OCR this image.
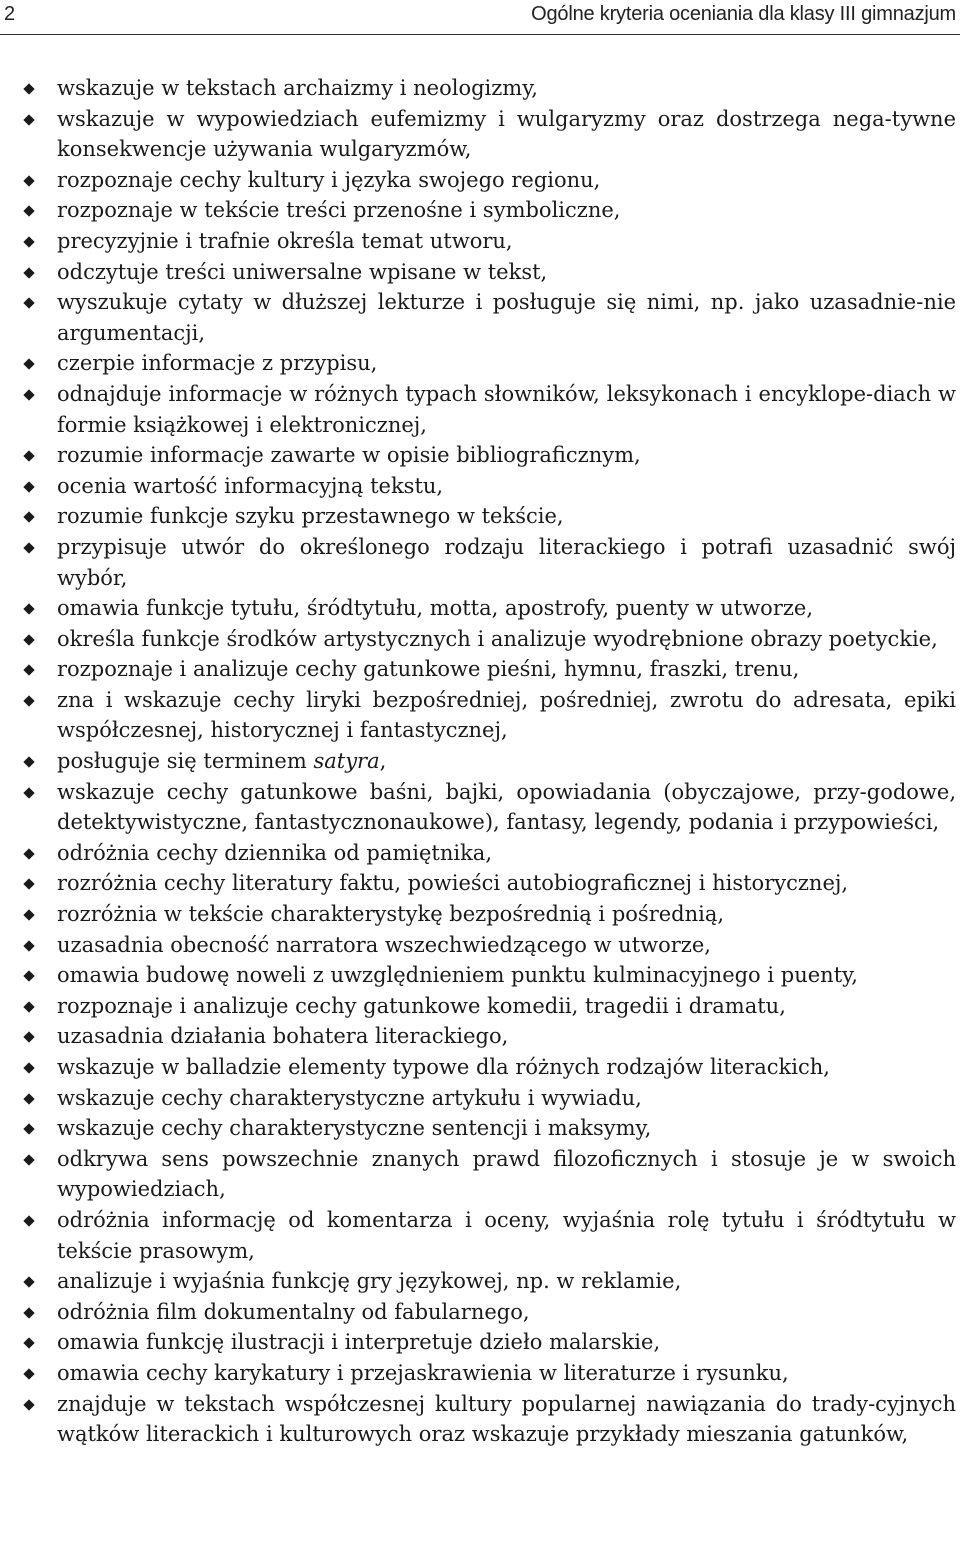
2	Ogólne kryteria oceniania dla klasy III gimnazjum
wskazuje w tekstach archaizmy i neologizmy,
wskazuje w wypowiedziach eufemizmy i wulgaryzmy oraz dostrzega nega-tywne konsekwencje używania wulgaryzmów,
rozpoznaje cechy kultury i języka swojego regionu,
rozpoznaje w tekście treści przenośne i symboliczne,
precyzyjnie i trafnie określa temat utworu,
odczytuje treści uniwersalne wpisane w tekst,
wyszukuje cytaty w dłuższej lekturze i posługuje się nimi, np. jako uzasadnie-nie argumentacji,
czerpie informacje z przypisu,
odnajduje informacje w różnych typach słowników, leksykonach i encyklope-diach w formie książkowej i elektronicznej,
rozumie informacje zawarte w opisie bibliograficznym,
ocenia wartość informacyjną tekstu,
rozumie funkcje szyku przestawnego w tekście,
przypisuje utwór do określonego rodzaju literackiego i potrafi uzasadnić swój wybór,
omawia funkcje tytułu, śródtytułu, motta, apostrofy, puenty w utworze,
określa funkcje środków artystycznych i analizuje wyodrębnione obrazy poetyckie,
rozpoznaje i analizuje cechy gatunkowe pieśni, hymnu, fraszki, trenu,
zna i wskazuje cechy liryki bezpośredniej, pośredniej, zwrotu do adresata, epiki współczesnej, historycznej i fantastycznej,
posługuje się terminem satyra,
wskazuje cechy gatunkowe baśni, bajki, opowiadania (obyczajowe, przy-godowe, detektywistyczne, fantastycznonaukowe), fantasy, legendy, podania i przypowieści,
odróżnia cechy dziennika od pamiętnika,
rozróżnia cechy literatury faktu, powieści autobiograficznej i historycznej,
rozróżnia w tekście charakterystykę bezpośrednią i pośrednią,
uzasadnia obecność narratora wszechwiedzącego w utworze,
omawia budowę noweli z uwzględnieniem punktu kulminacyjnego i puenty,
rozpoznaje i analizuje cechy gatunkowe komedii, tragedii i dramatu,
uzasadnia działania bohatera literackiego,
wskazuje w balladzie elementy typowe dla różnych rodzajów literackich,
wskazuje cechy charakterystyczne artykułu i wywiadu,
wskazuje cechy charakterystyczne sentencji i maksymy,
odkrywa sens powszechnie znanych prawd filozoficznych i stosuje je w swoich wypowiedziach,
odróżnia informację od komentarza i oceny, wyjaśnia rolę tytułu i śródtytułu w tekście prasowym,
analizuje i wyjaśnia funkcję gry językowej, np. w reklamie,
odróżnia film dokumentalny od fabularnego,
omawia funkcję ilustracji i interpretuje dzieło malarskie,
omawia cechy karykatury i przejaskrawienia w literaturze i rysunku,
znajduje w tekstach współczesnej kultury popularnej nawiązania do trady-cyjnych wątków literackich i kulturowych oraz wskazuje przykłady mieszania gatunków,
